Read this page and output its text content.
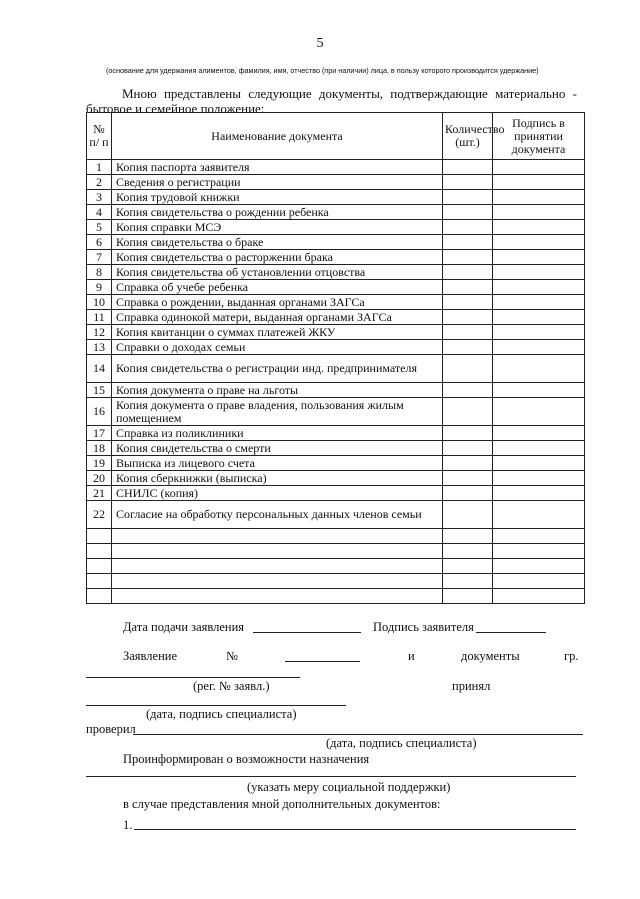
5
(основание для удержания алиментов, фамилия, имя, отчество (при наличии) лица, в пользу которого производится удержание)
Мною представлены следующие документы, подтверждающие материально -
бытовое и семейное положение:
№ п/ п	Наименование документа	Количество (шт.)	Подпись в принятии документа
1	Копия паспорта заявителя		
2	Сведения о регистрации		
3	Копия трудовой книжки		
4	Копия свидетельства о рождении ребенка		
5	Копия справки МСЭ		
6	Копия свидетельства о браке		
7	Копия свидетельства о расторжении брака		
8	Копия свидетельства об установлении отцовства		
9	Справка об учебе ребенка		
10	Справка о рождении, выданная органами ЗАГСа		
11	Справка одинокой матери, выданная органами ЗАГСа		
12	Копия квитанции о суммах платежей ЖКУ		
13	Справки о доходах семьи		
14	Копия свидетельства о регистрации инд. предпринимателя		
15	Копия документа о праве на льготы		
16	Копия документа о праве владения, пользования жилым помещением		
17	Справка из поликлиники		
18	Копия свидетельства о смерти		
19	Выписка из лицевого счета		
20	Копия сберкнижки (выписка)		
21	СНИЛС (копия)		
22	Согласие на обработку персональных данных членов семьи		

Дата подачи заявления	Подпись заявителя
Заявление	№	и	документы	гр.
(рег. № заявл.)	принял
(дата, подпись специалиста)
проверил
(дата, подпись специалиста)
Проинформирован о возможности назначения
(указать меру социальной поддержки)
в случае представления мной дополнительных документов:
1.
